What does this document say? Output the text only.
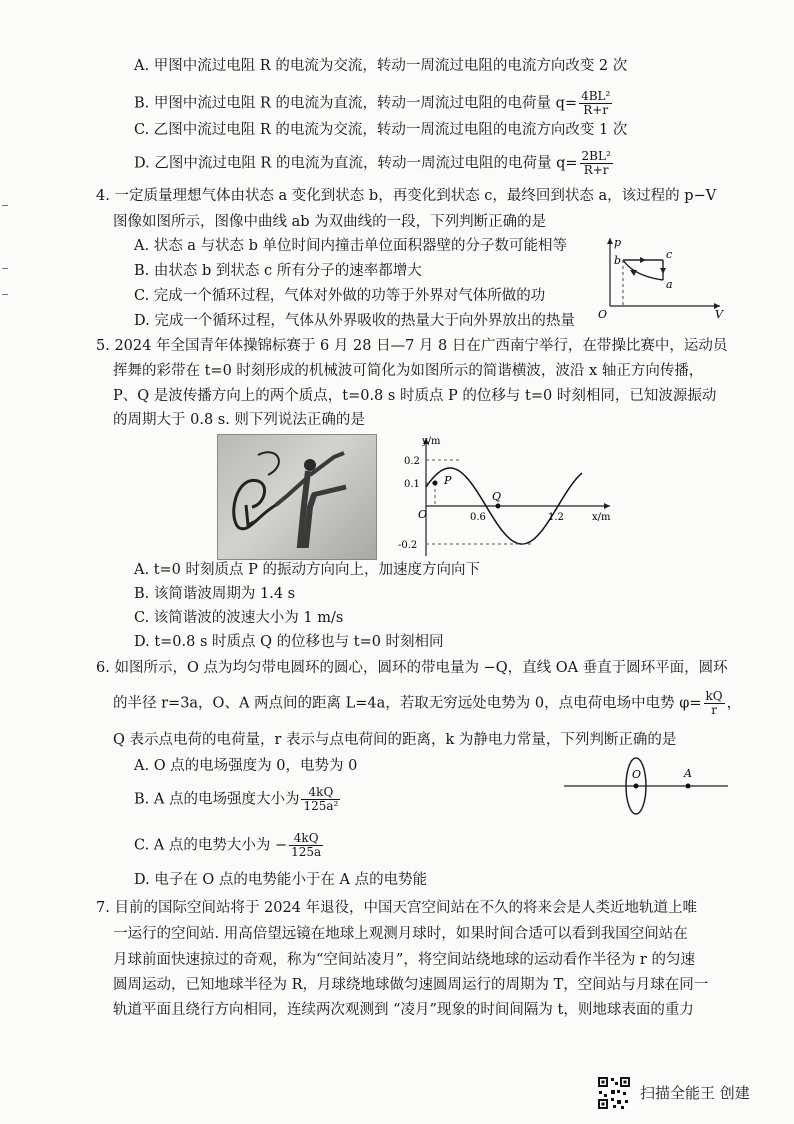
A. 甲图中流过电阻 R 的电流为交流，转动一周流过电阻的电流方向改变 2 次
B. 甲图中流过电阻 R 的电流为直流，转动一周流过电阻的电荷量 $q= \frac{\text{4BL²}}{R+r}$
C. 乙图中流过电阻 R 的电流为交流，转动一周流过电阻的电流方向改变 1 次
D. 乙图中流过电阻 R 的电流为直流，转动一周流过电阻的电荷量 $q= \frac{\text{2BL²}}{R+r}$
4. 一定质量理想气体由状态 a 变化到状态 b，再变化到状态 c，最终回到状态 a，该过程的 p−V
图像如图所示，图像中曲线 ab 为双曲线的一段，下列判断正确的是
A. 状态 a 与状态 b 单位时间内撞击单位面积器壁的分子数可能相等
B. 由状态 b 到状态 c 所有分子的速率都增大
C. 完成一个循环过程，气体对外做的功等于外界对气体所做的功
D. 完成一个循环过程，气体从外界吸收的热量大于向外界放出的热量
p
V
O
b	c
a
5. 2024 年全国青年体操锦标赛于 6 月 28 日—7 月 8 日在广西南宁举行，在带操比赛中，运动员
挥舞的彩带在 t=0 时刻形成的机械波可简化为如图所示的简谐横波，波沿 x 轴正方向传播，
P、Q 是波传播方向上的两个质点，t=0.8 s 时质点 P 的位移与 t=0 时刻相同，已知波源振动
的周期大于 0.8 s. 则下列说法正确的是
y/m
x/m
O
0.2
0.1
-0.2
0.6	1.2
P
Q
A. t=0 时刻质点 P 的振动方向向上，加速度方向向下
B. 该简谐波周期为 1.4 s
C. 该简谐波的波速大小为 1 m/s
D. t=0.8 s 时质点 Q 的位移也与 t=0 时刻相同
6. 如图所示，O 点为均匀带电圆环的圆心，圆环的带电量为 −Q，直线 OA 垂直于圆环平面，圆环
的半径 r=3a，O、A 两点间的距离 L=4a，若取无穷远处电势为 0，点电荷电场中电势 $\varphi= \frac{kQ}{r}$ ，
Q 表示点电荷的电荷量，r 表示与点电荷间的距离，k 为静电力常量，下列判断正确的是
A. O 点的电场强度为 0，电势为 0
B. A 点的电场强度大小为 $\frac{4kQ}{\text{125a²}}$
C. A 点的电势大小为 − $\frac{4kQ}{125a}$
D. 电子在 O 点的电势能小于在 A 点的电势能
O	A
7. 目前的国际空间站将于 2024 年退役，中国天宫空间站在不久的将来会是人类近地轨道上唯
一运行的空间站. 用高倍望远镜在地球上观测月球时，如果时间合适可以看到我国空间站在
月球前面快速掠过的奇观，称为“空间站凌月”，将空间站绕地球的运动看作半径为 r 的匀速
圆周运动，已知地球半径为 R，月球绕地球做匀速圆周运行的周期为 T，空间站与月球在同一
轨道平面且绕行方向相同，连续两次观测到 “凌月”现象的时间间隔为 t，则地球表面的重力
扫描全能王 创建
